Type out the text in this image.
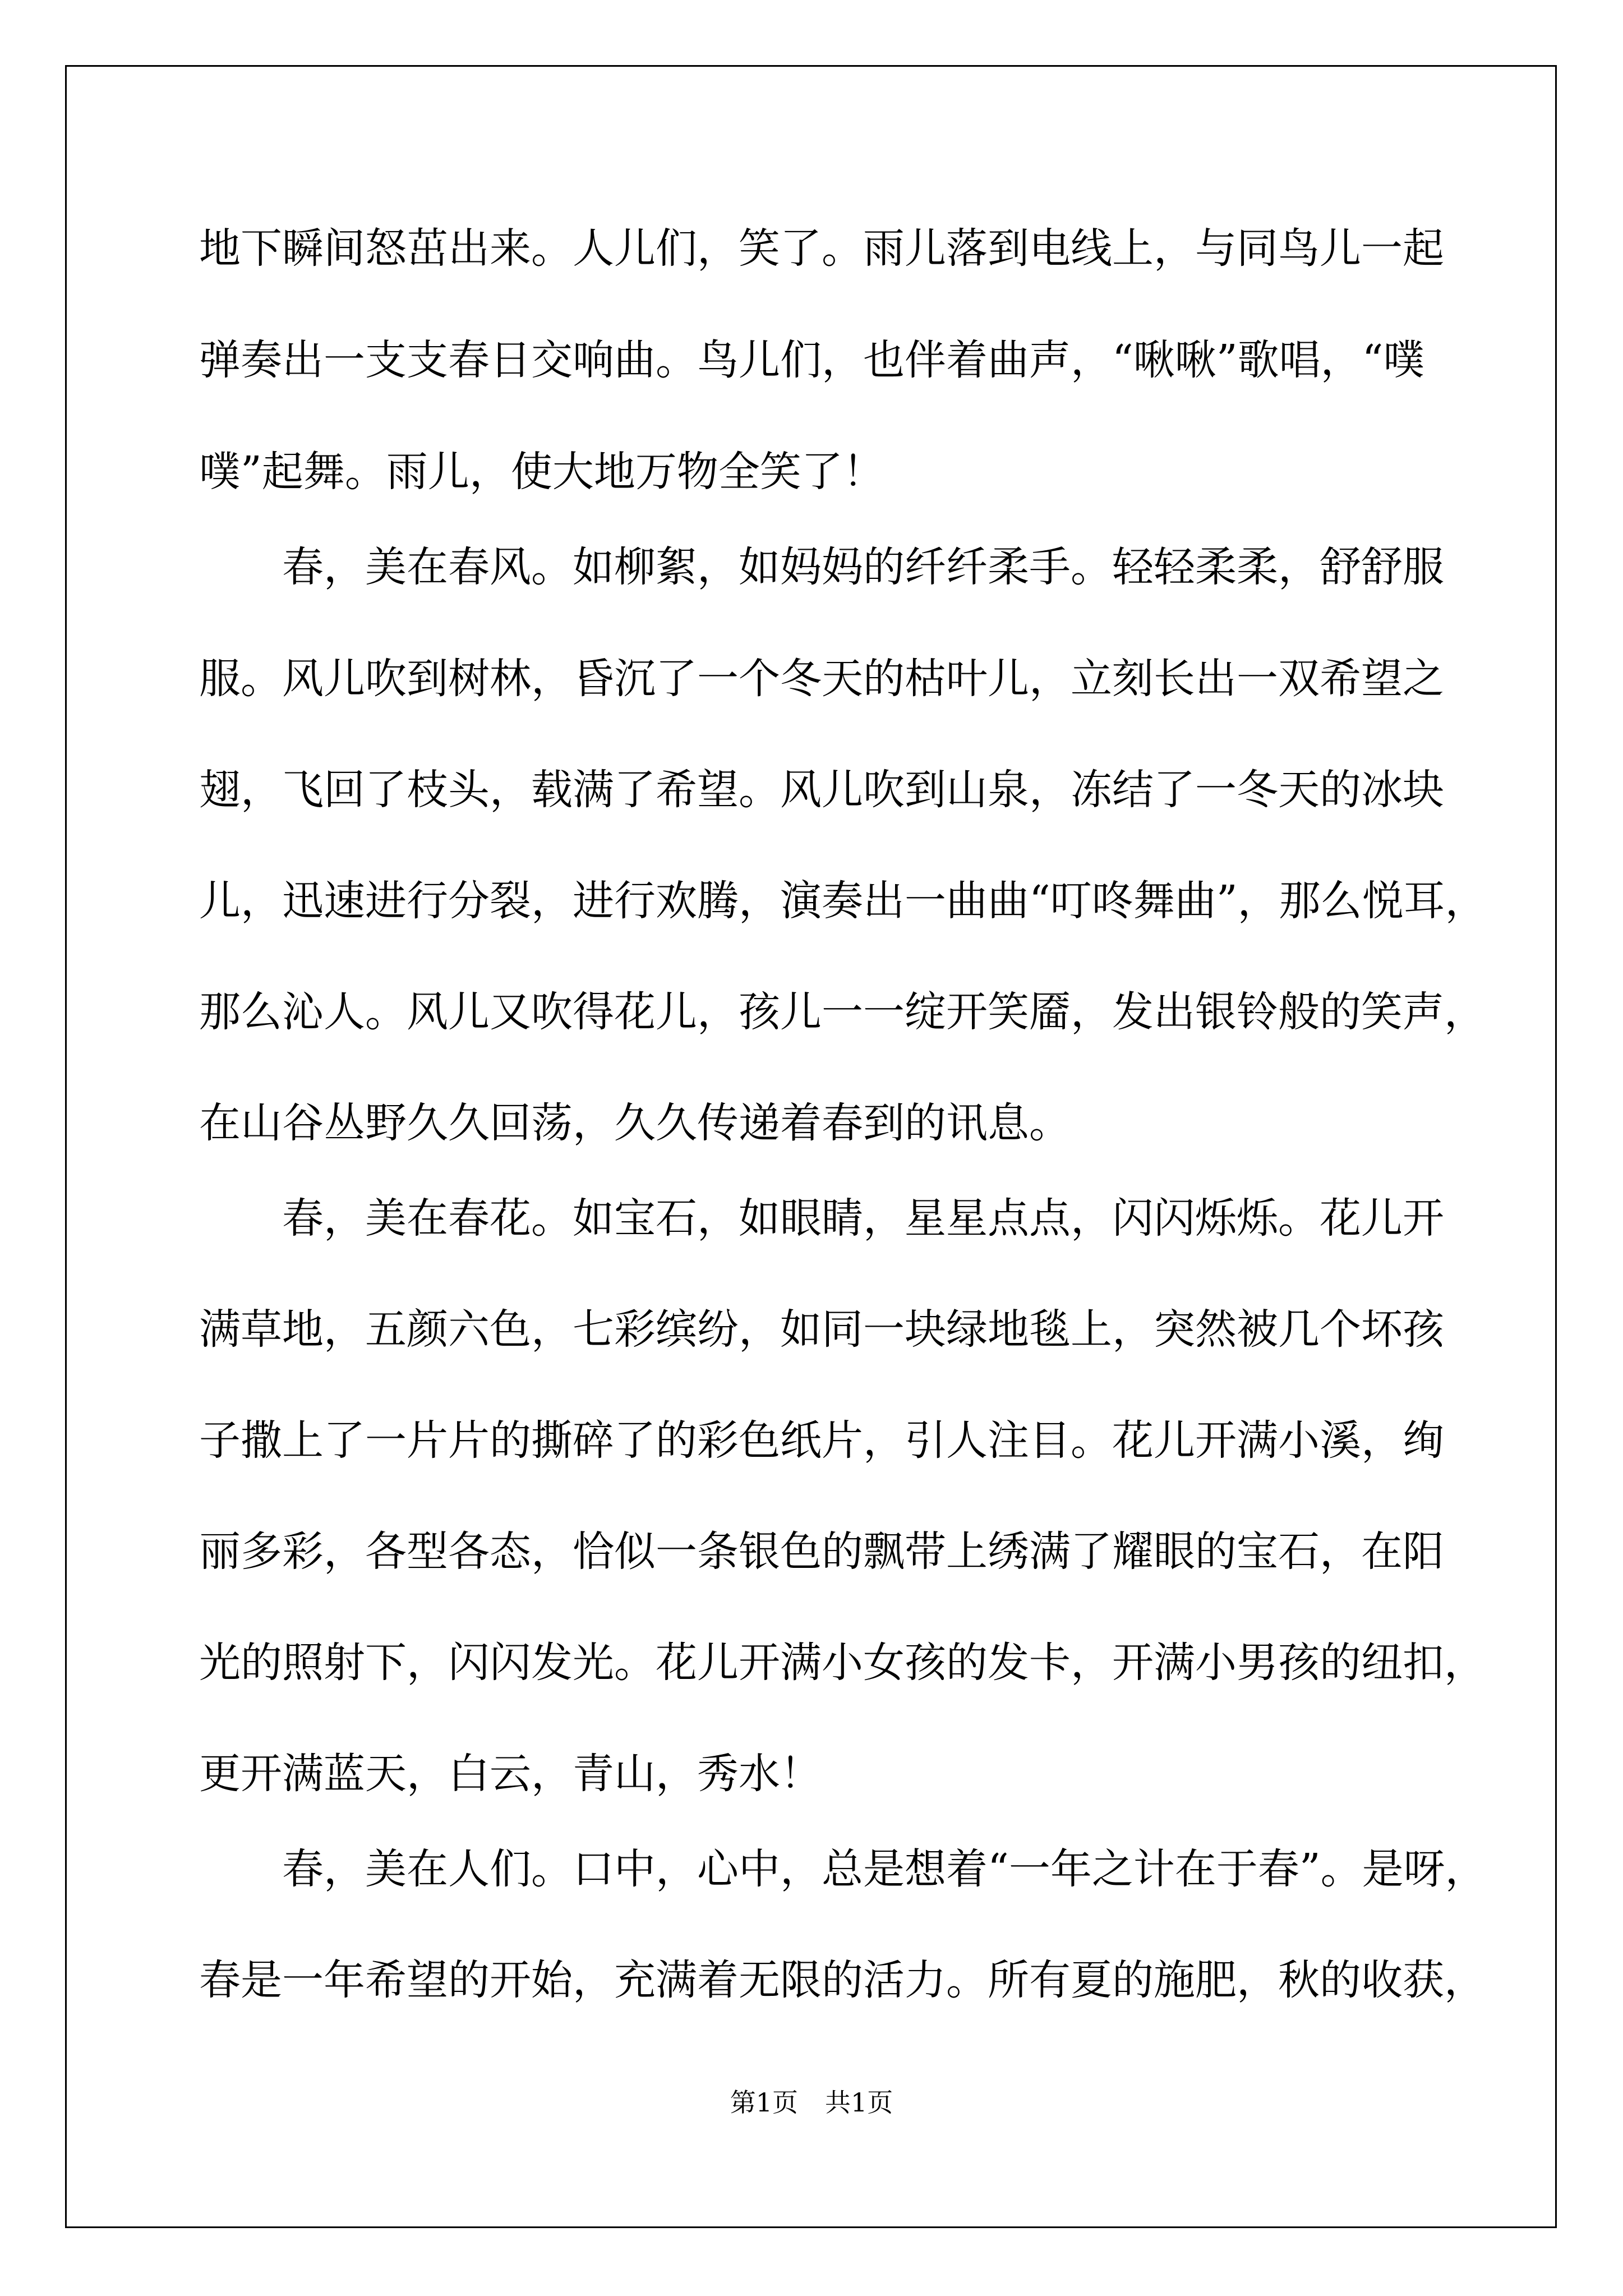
地下瞬间怒茁出来。人儿们，笑了。雨儿落到电线上，与同鸟儿一起
弹奏出一支支春日交响曲。鸟儿们，也伴着曲声，“啾啾”歌唱，“噗
噗”起舞。雨儿，使大地万物全笑了！
　　春，美在春风。如柳絮，如妈妈的纤纤柔手。轻轻柔柔，舒舒服
服。风儿吹到树林，昏沉了一个冬天的枯叶儿，立刻长出一双希望之
翅，飞回了枝头，载满了希望。风儿吹到山泉，冻结了一冬天的冰块
儿，迅速进行分裂，进行欢腾，演奏出一曲曲“叮咚舞曲”，那么悦耳，
那么沁人。风儿又吹得花儿，孩儿一一绽开笑靥，发出银铃般的笑声，
在山谷丛野久久回荡，久久传递着春到的讯息。
　　春，美在春花。如宝石，如眼睛，星星点点，闪闪烁烁。花儿开
满草地，五颜六色，七彩缤纷，如同一块绿地毯上，突然被几个坏孩
子撒上了一片片的撕碎了的彩色纸片，引人注目。花儿开满小溪，绚
丽多彩，各型各态，恰似一条银色的飘带上绣满了耀眼的宝石，在阳
光的照射下，闪闪发光。花儿开满小女孩的发卡，开满小男孩的纽扣，
更开满蓝天，白云，青山，秀水！
　　春，美在人们。口中，心中，总是想着“一年之计在于春”。是呀，
春是一年希望的开始，充满着无限的活力。所有夏的施肥，秋的收获，
第1页 共1页
